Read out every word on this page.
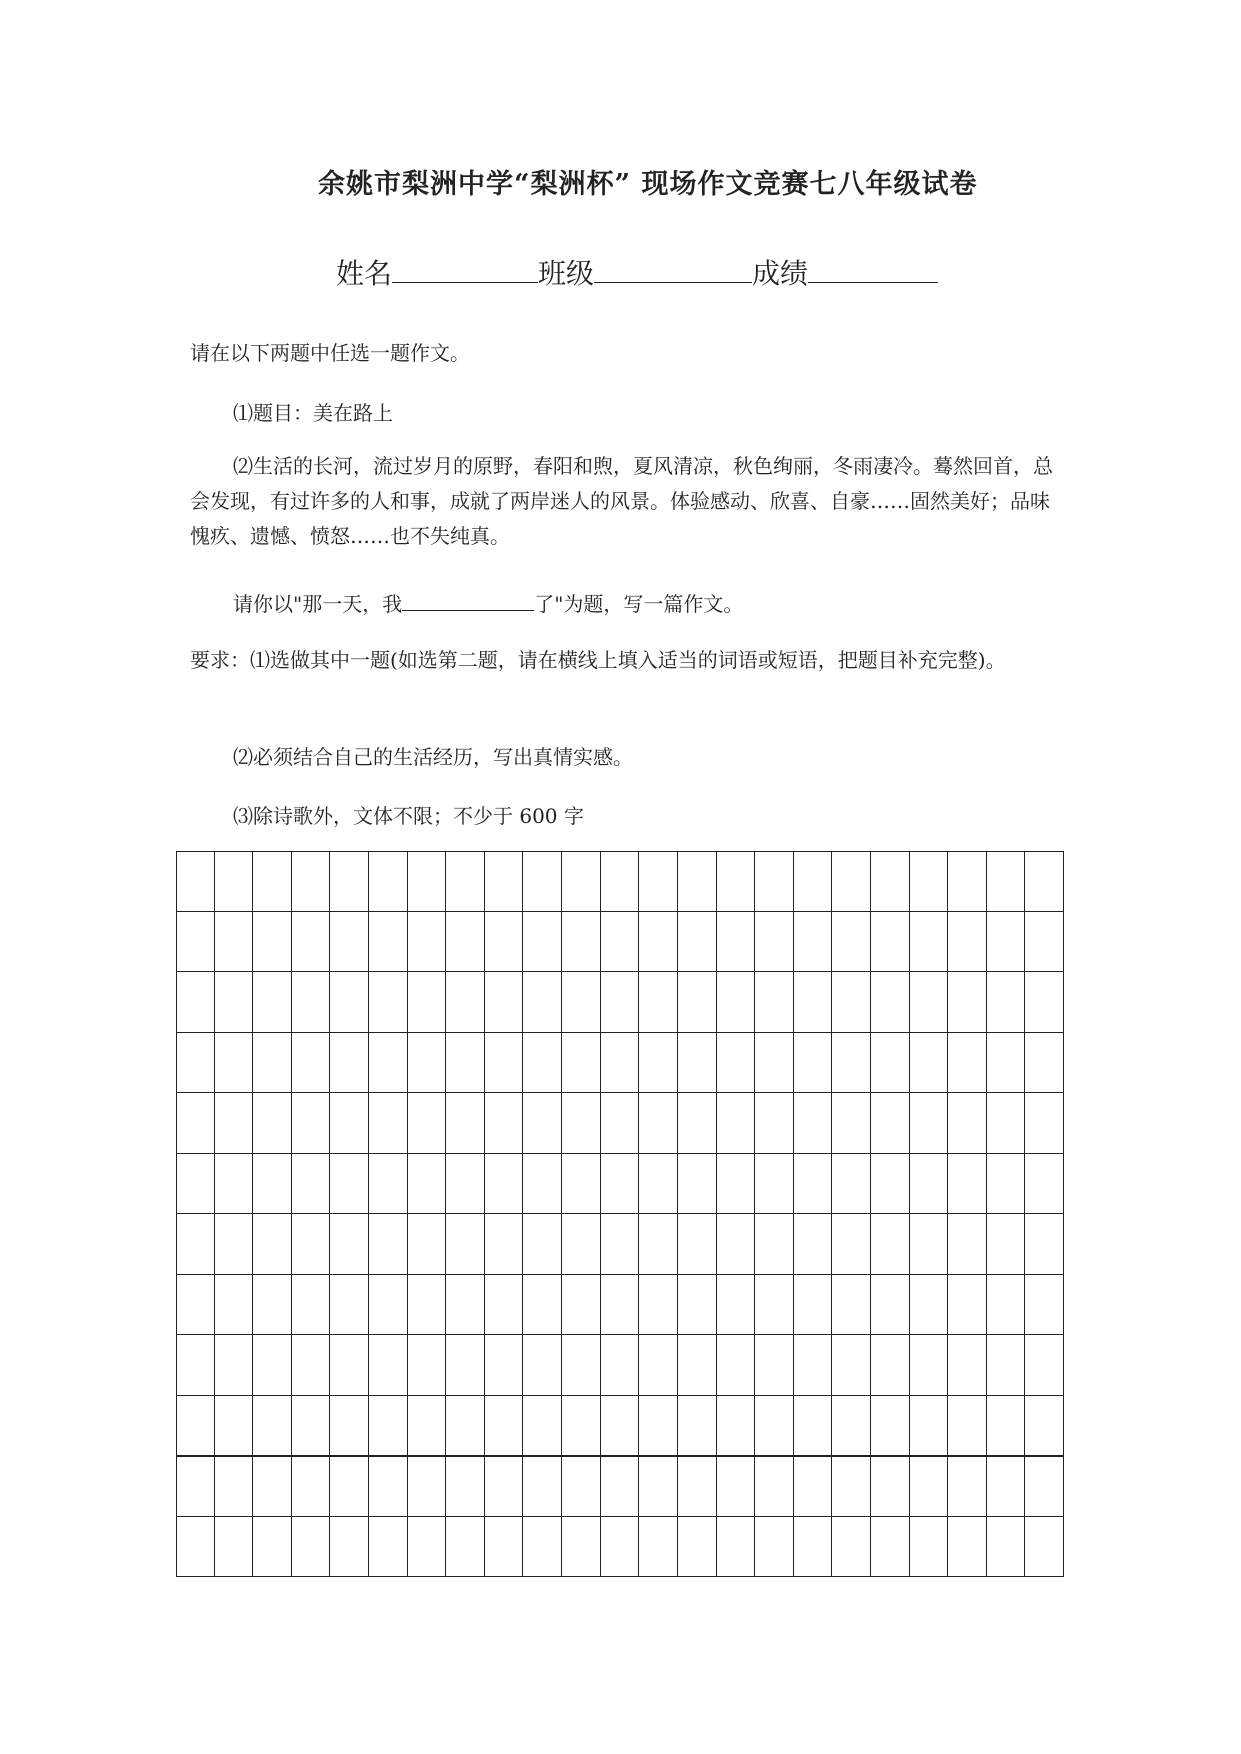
余姚市梨洲中学“梨洲杯” 现场作文竞赛七八年级试卷
姓名	班级	成绩
请在以下两题中任选一题作文。
⑴题目：美在路上
⑵生活的长河，流过岁月的原野，春阳和煦，夏风清凉，秋色绚丽，冬雨凄冷。蓦然回首，总会发现，有过许多的人和事，成就了两岸迷人的风景。体验感动、欣喜、自豪……固然美好；品味愧疚、遗憾、愤怒……也不失纯真。
请你以"那一天，我	了"为题，写一篇作文。
要求：⑴选做其中一题(如选第二题，请在横线上填入适当的词语或短语，把题目补充完整)。
⑵必须结合自己的生活经历，写出真情实感。
⑶除诗歌外，文体不限；不少于 600 字
